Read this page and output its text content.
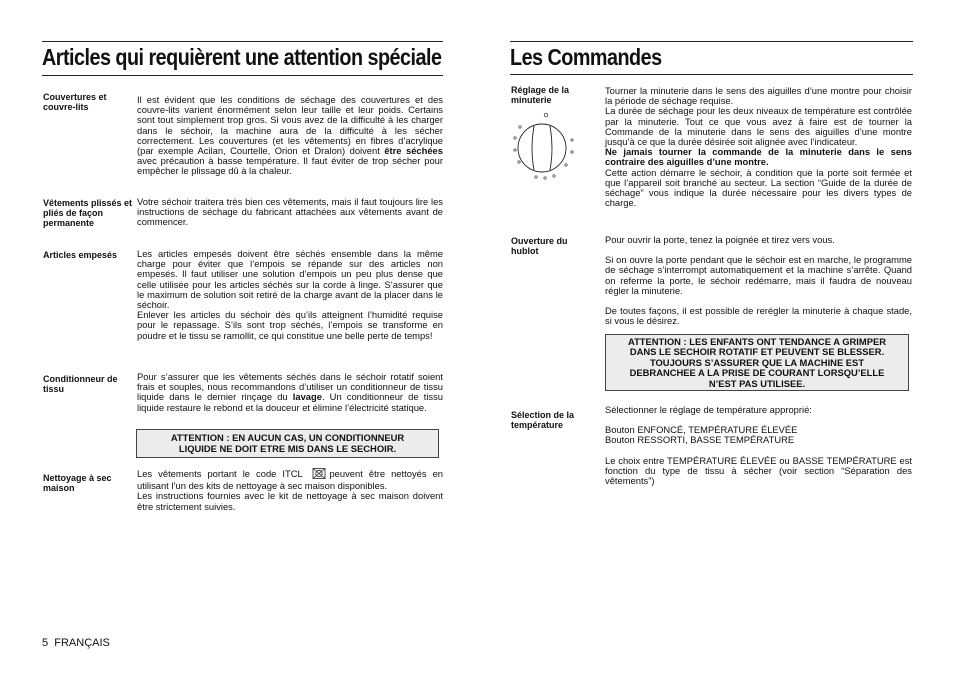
Articles qui requièrent une attention spéciale
Couvertures et couvre-lits

Il est évident que les conditions de séchage des couvertures et des couvre-lits varient énormément selon leur taille et leur poids. Certains sont tout simplement trop gros. Si vous avez de la difficulté à les charger dans le séchoir, la machine aura de la difficulté à les sécher correctement. Les couvertures (et les vêtements) en fibres d’acrylique (par exemple Acilan, Courtelle, Orion et Dralon) doivent être séchées avec précaution à basse température. Il faut éviter de trop sécher pour empêcher le plissage dû à la chaleur.

Vêtements plissés et pliés de façon permanente
Votre séchoir traitera très bien ces vêtements, mais il faut toujours lire les instructions de séchage du fabricant attachées aux vêtements avant de commencer.
Articles empesés	Les articles empesés doivent être séchés ensemble dans la même charge pour éviter que l’empois se répande sur des articles non empesés. Il faut utiliser une solution d’empois un peu plus dense que celle utilisée pour les articles séchés sur la corde à linge. S’assurer que le maximum de solution soit retiré de la charge avant de la placer dans le séchoir.

Enlever les articles du séchoir dès qu’ils atteignent l’humidité requise pour le repassage. S’ils sont trop séchés, l’empois se transforme en poudre et le tissu se ramollit, ce qui constitue une belle perte de temps!

Conditionneur de tissu

Pour s’assurer que les vêtements séchés dans le séchoir rotatif soient frais et souples, nous recommandons d’utiliser un conditionneur de tissu liquide dans le dernier rinçage du lavage. Un conditionneur de tissu liquide restaure le rebond et la douceur et élimine l’électricité statique.

ATTENTION : EN AUCUN CAS, UN CONDITIONNEUR LIQUIDE NE DOIT ETRE MIS DANS LE SECHOIR.
Nettoyage à sec maison

Les vêtements portant le code ITCL	peuvent être nettoyés en utilisant l’un des kits de nettoyage à sec maison disponibles.

Les instructions fournies avec le kit de nettoyage à sec maison doivent être strictement suivies.

5 FRANÇAIS
Les Commandes
Réglage de la minuterie

Tourner la minuterie dans le sens des aiguilles d’une montre pour choisir la période de séchage requise.

La durée de séchage pour les deux niveaux de température est contrôlée par la minuterie. Tout ce que vous avez à faire est de tourner la Commande de la minuterie dans le sens des aiguilles d’une montre jusqu’à ce que la durée désirée soit alignée avec l’indicateur.

Ne jamais tourner la commande de la minuterie dans le sens contraire des aiguilles d’une montre.

Cette action démarre le séchoir, à condition que la porte soit fermée et que l’appareil soit branché au secteur. La section “Guide de la durée de séchage” vous indique la durée nécessaire pour les divers types de charge.

Ouverture du hublot

Pour ouvrir la porte, tenez la poignée et tirez vers vous.

Si on ouvre la porte pendant que le séchoir est en marche, le programme de séchage s’interrompt automatiquement et la machine s’arrête. Quand on referme la porte, le séchoir redémarre, mais il faudra de nouveau régler la minuterie.

De toutes façons, il est possible de rerégler la minuterie à chaque stade, si vous le désirez.

ATTENTION : LES ENFANTS ONT TENDANCE A GRIMPER DANS LE SECHOIR ROTATIF ET PEUVENT SE BLESSER. TOUJOURS S’ASSURER QUE LA MACHINE EST DEBRANCHEE A LA PRISE DE COURANT LORSQU’ELLE N’EST PAS UTILISEE.
Sélection de la température

Sélectionner le réglage de température approprié:

Bouton ENFONCÉ, TEMPÉRATURE ÉLEVÉE

Bouton RESSORTI, BASSE TEMPÉRATURE

Le choix entre TEMPÉRATURE ÉLEVÉE ou BASSE TEMPÉRATURE est fonction du type de tissu à sécher (voir section “Séparation des vêtements”)
